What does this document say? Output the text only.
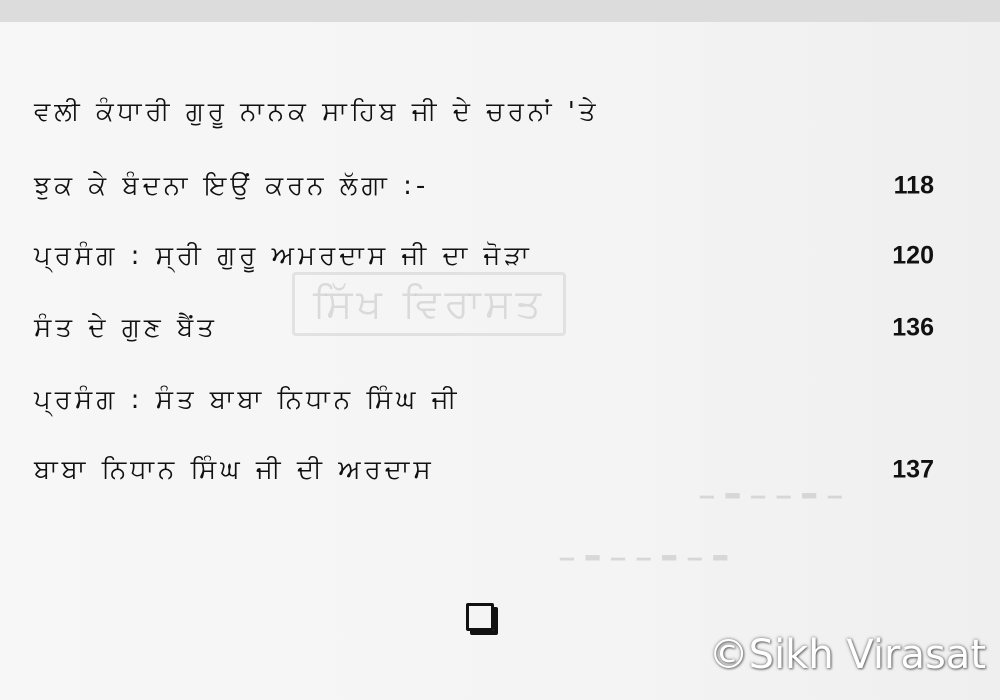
▁ ▂ ▁ ▁ ▂ ▁
▁ ▂ ▁ ▁ ▂ ▁ ▂
ਸਿੱਖ ਵਿਰਾਸਤ
ਵਲੀ ਕੰਧਾਰੀ ਗੁਰੂ ਨਾਨਕ ਸਾਹਿਬ ਜੀ ਦੇ ਚਰਨਾਂ 'ਤੇ
ਝੁਕ ਕੇ ਬੰਦਨਾ ਇਉਂ ਕਰਨ ਲੱਗਾ :-	118
ਪ੍ਰਸੰਗ : ਸ੍ਰੀ ਗੁਰੂ ਅਮਰਦਾਸ ਜੀ ਦਾ ਜੋੜਾ	120
ਸੰਤ ਦੇ ਗੁਣ ਬੈਂਤ	136
ਪ੍ਰਸੰਗ : ਸੰਤ ਬਾਬਾ ਨਿਧਾਨ ਸਿੰਘ ਜੀ
ਬਾਬਾ ਨਿਧਾਨ ਸਿੰਘ ਜੀ ਦੀ ਅਰਦਾਸ	137
©Sikh Virasat
